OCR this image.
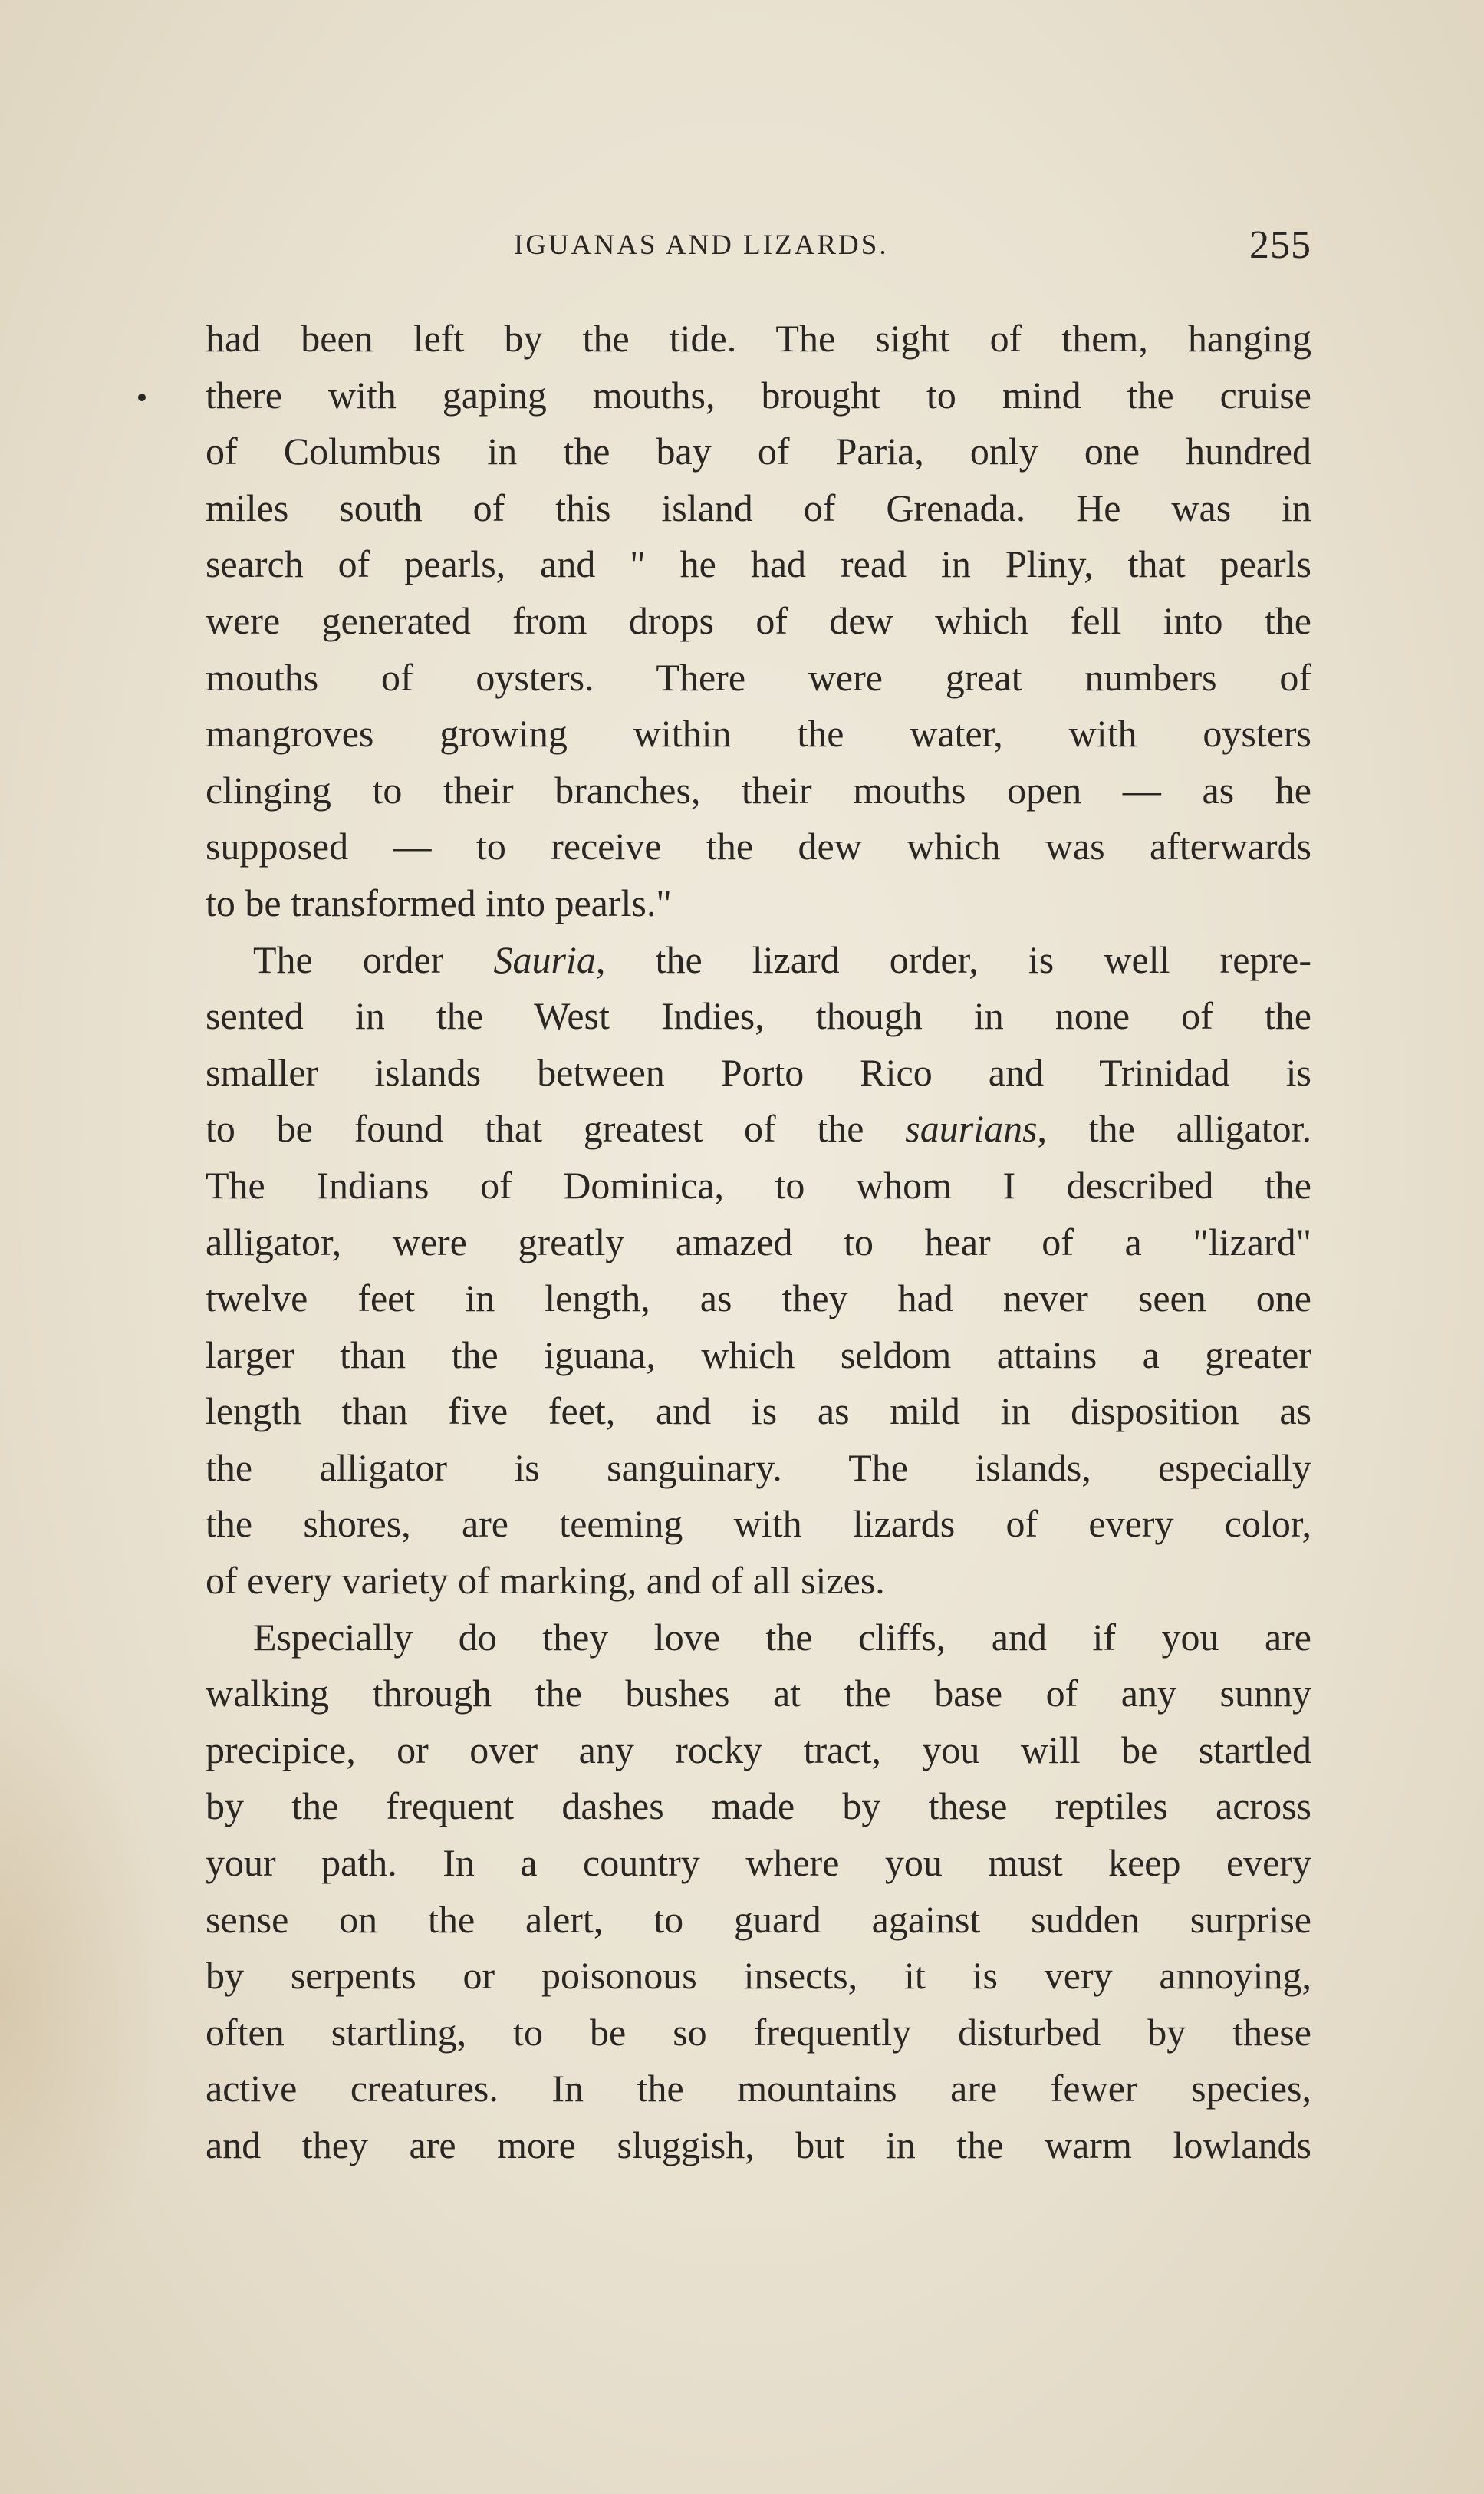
IGUANAS AND LIZARDS.	255
had been left by the tide. The sight of them, hanging
there with gaping mouths, brought to mind the cruise
of Columbus in the bay of Paria, only one hundred
miles south of this island of Grenada. He was in
search of pearls, and " he had read in Pliny, that pearls
were generated from drops of dew which fell into the
mouths of oysters. There were great numbers of
mangroves growing within the water, with oysters
clinging to their branches, their mouths open — as he
supposed — to receive the dew which was afterwards
to be transformed into pearls."
The order Sauria, the lizard order, is well repre-
sented in the West Indies, though in none of the
smaller islands between Porto Rico and Trinidad is
to be found that greatest of the saurians, the alligator.
The Indians of Dominica, to whom I described the
alligator, were greatly amazed to hear of a "lizard"
twelve feet in length, as they had never seen one
larger than the iguana, which seldom attains a greater
length than five feet, and is as mild in disposition as
the alligator is sanguinary. The islands, especially
the shores, are teeming with lizards of every color,
of every variety of marking, and of all sizes.
Especially do they love the cliffs, and if you are
walking through the bushes at the base of any sunny
precipice, or over any rocky tract, you will be startled
by the frequent dashes made by these reptiles across
your path. In a country where you must keep every
sense on the alert, to guard against sudden surprise
by serpents or poisonous insects, it is very annoying,
often startling, to be so frequently disturbed by these
active creatures. In the mountains are fewer species,
and they are more sluggish, but in the warm lowlands
